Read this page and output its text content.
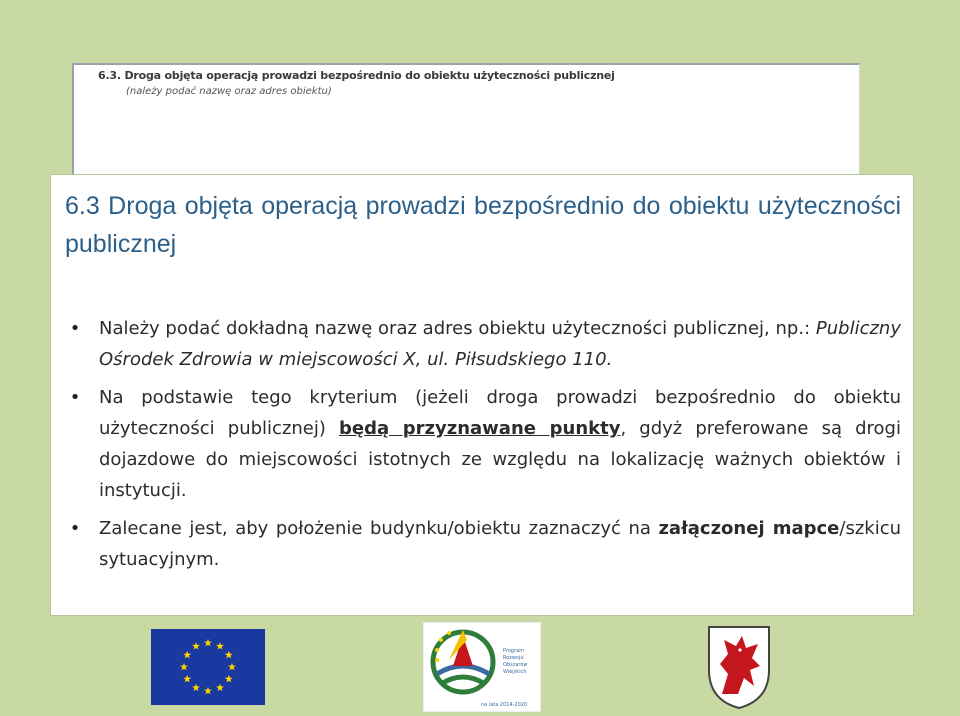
6.3. Droga objęta operacją prowadzi bezpośrednio do obiektu użyteczności publicznej
(należy podać nazwę oraz adres obiektu)
6.3 Droga objęta operacją prowadzi bezpośrednio do obiektu użyteczności publicznej
• Należy podać dokładną nazwę oraz adres obiektu użyteczności publicznej, np.: Publiczny Ośrodek Zdrowia w miejscowości X, ul. Piłsudskiego 110.
• Na podstawie tego kryterium (jeżeli droga prowadzi bezpośrednio do obiektu użyteczności publicznej) będą przyznawane punkty, gdyż preferowane są drogi dojazdowe do miejscowości istotnych ze względu na lokalizację ważnych obiektów i instytucji.
• Zalecane jest, aby położenie budynku/obiektu zaznaczyć na załączonej mapce/szkicu sytuacyjnym.
Program
Rozwoju
Obszarów
Wiejskich
na lata 2014-2020
